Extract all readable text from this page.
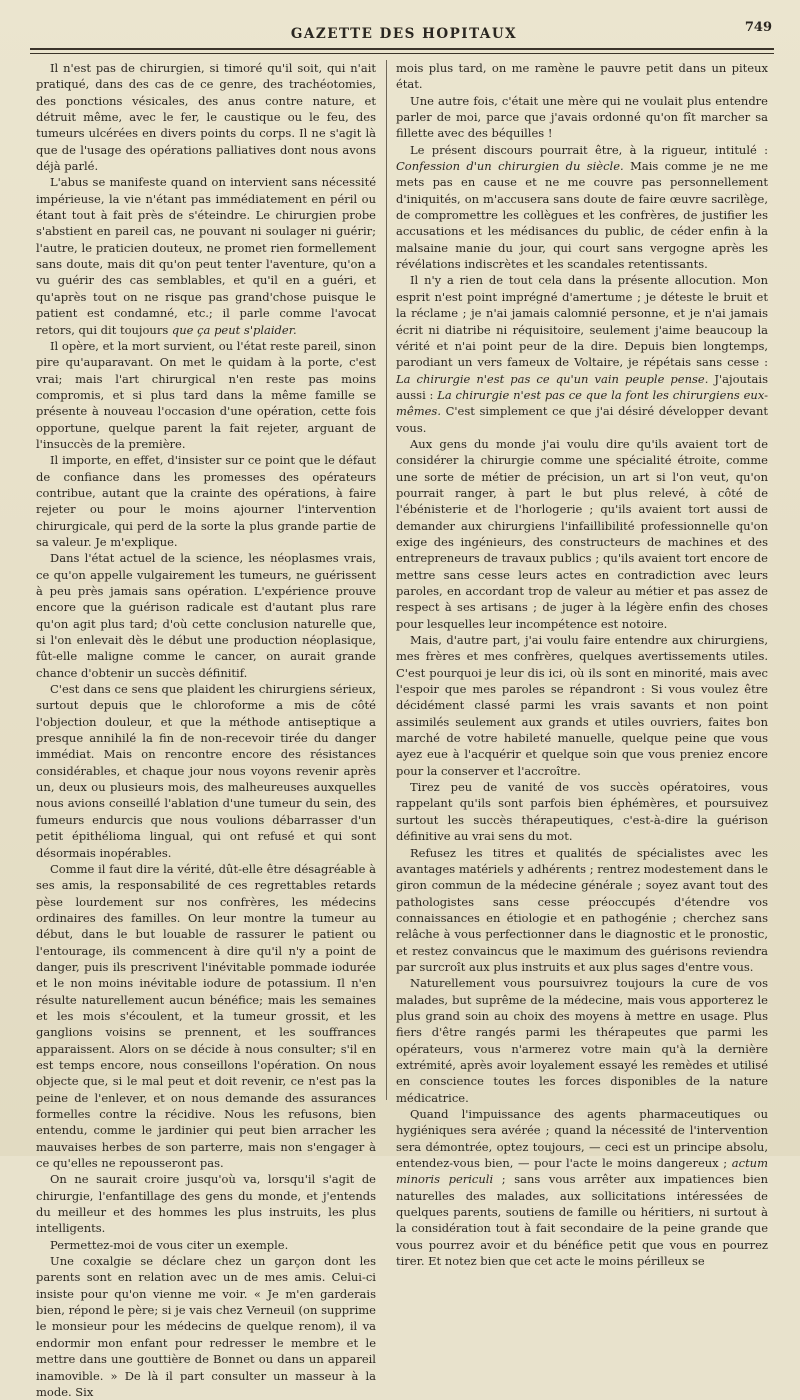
GAZETTE DES HOPITAUX	749

Il n'est pas de chirurgien, si timoré qu'il soit, qui n'ait pratiqué, dans des cas de ce genre, des trachéotomies, des ponctions vésicales, des anus contre nature, et détruit même, avec le fer, le caustique ou le feu, des tumeurs ulcérées en divers points du corps. Il ne s'agit là que de l'usage des opérations palliatives dont nous avons déjà parlé.

L'abus se manifeste quand on intervient sans nécessité impérieuse, la vie n'étant pas immédiatement en péril ou étant tout à fait près de s'éteindre. Le chirurgien probe s'abstient en pareil cas, ne pouvant ni soulager ni guérir; l'autre, le praticien douteux, ne promet rien formellement sans doute, mais dit qu'on peut tenter l'aventure, qu'on a vu guérir des cas semblables, et qu'il en a guéri, et qu'après tout on ne risque pas grand'chose puisque le patient est condamné, etc.; il parle comme l'avocat retors, qui dit toujours que ça peut s'plaider.

Il opère, et la mort survient, ou l'état reste pareil, sinon pire qu'auparavant. On met le quidam à la porte, c'est vrai; mais l'art chirurgical n'en reste pas moins compromis, et si plus tard dans la même famille se présente à nouveau l'occasion d'une opération, cette fois opportune, quelque parent la fait rejeter, arguant de l'insuccès de la première.

Il importe, en effet, d'insister sur ce point que le défaut de confiance dans les promesses des opérateurs contribue, autant que la crainte des opérations, à faire rejeter ou pour le moins ajourner l'intervention chirurgicale, qui perd de la sorte la plus grande partie de sa valeur. Je m'explique.

Dans l'état actuel de la science, les néoplasmes vrais, ce qu'on appelle vulgairement les tumeurs, ne guérissent à peu près jamais sans opération. L'expérience prouve encore que la guérison radicale est d'autant plus rare qu'on agit plus tard; d'où cette conclusion naturelle que, si l'on enlevait dès le début une production néoplasique, fût-elle maligne comme le cancer, on aurait grande chance d'obtenir un succès définitif.

C'est dans ce sens que plaident les chirurgiens sérieux, surtout depuis que le chloroforme a mis de côté l'objection douleur, et que la méthode antiseptique a presque annihilé la fin de non-recevoir tirée du danger immédiat. Mais on rencontre encore des résistances considérables, et chaque jour nous voyons revenir après un, deux ou plusieurs mois, des malheureuses auxquelles nous avions conseillé l'ablation d'une tumeur du sein, des fumeurs endurcis que nous voulions débarrasser d'un petit épithélioma lingual, qui ont refusé et qui sont désormais inopérables.

Comme il faut dire la vérité, dût-elle être désagréable à ses amis, la responsabilité de ces regrettables retards pèse lourdement sur nos confrères, les médecins ordinaires des familles. On leur montre la tumeur au début, dans le but louable de rassurer le patient ou l'entourage, ils commencent à dire qu'il n'y a point de danger, puis ils prescrivent l'inévitable pommade iodurée et le non moins inévitable iodure de potassium. Il n'en résulte naturellement aucun bénéfice; mais les semaines et les mois s'écoulent, et la tumeur grossit, et les ganglions voisins se prennent, et les souffrances apparaissent. Alors on se décide à nous consulter; s'il en est temps encore, nous conseillons l'opération. On nous objecte que, si le mal peut et doit revenir, ce n'est pas la peine de l'enlever, et on nous demande des assurances formelles contre la récidive. Nous les refusons, bien entendu, comme le jardinier qui peut bien arracher les mauvaises herbes de son parterre, mais non s'engager à ce qu'elles ne repousseront pas.

On ne saurait croire jusqu'où va, lorsqu'il s'agit de chirurgie, l'enfantillage des gens du monde, et j'entends du meilleur et des hommes les plus instruits, les plus intelligents.

Permettez-moi de vous citer un exemple.

Une coxalgie se déclare chez un garçon dont les parents sont en relation avec un de mes amis. Celui-ci insiste pour qu'on vienne me voir. « Je m'en garderais bien, répond le père; si je vais chez Verneuil (on supprime le monsieur pour les médecins de quelque renom), il va endormir mon enfant pour redresser le membre et le mettre dans une gouttière de Bonnet ou dans un appareil inamovible. » De là il part consulter un masseur à la mode. Six

mois plus tard, on me ramène le pauvre petit dans un piteux état.

Une autre fois, c'était une mère qui ne voulait plus entendre parler de moi, parce que j'avais ordonné qu'on fît marcher sa fillette avec des béquilles !

Le présent discours pourrait être, à la rigueur, intitulé : Confession d'un chirurgien du siècle. Mais comme je ne me mets pas en cause et ne me couvre pas personnellement d'iniquités, on m'accusera sans doute de faire œuvre sacrilège, de compromettre les collègues et les confrères, de justifier les accusations et les médisances du public, de céder enfin à la malsaine manie du jour, qui court sans vergogne après les révélations indiscrètes et les scandales retentissants.

Il n'y a rien de tout cela dans la présente allocution. Mon esprit n'est point imprégné d'amertume ; je déteste le bruit et la réclame ; je n'ai jamais calomnié personne, et je n'ai jamais écrit ni diatribe ni réquisitoire, seulement j'aime beaucoup la vérité et n'ai point peur de la dire. Depuis bien longtemps, parodiant un vers fameux de Voltaire, je répétais sans cesse : La chirurgie n'est pas ce qu'un vain peuple pense. J'ajoutais aussi : La chirurgie n'est pas ce que la font les chirurgiens eux-mêmes. C'est simplement ce que j'ai désiré développer devant vous.

Aux gens du monde j'ai voulu dire qu'ils avaient tort de considérer la chirurgie comme une spécialité étroite, comme une sorte de métier de précision, un art si l'on veut, qu'on pourrait ranger, à part le but plus relevé, à côté de l'ébénisterie et de l'horlogerie ; qu'ils avaient tort aussi de demander aux chirurgiens l'infaillibilité professionnelle qu'on exige des ingénieurs, des constructeurs de machines et des entrepreneurs de travaux publics ; qu'ils avaient tort encore de mettre sans cesse leurs actes en contradiction avec leurs paroles, en accordant trop de valeur au métier et pas assez de respect à ses artisans ; de juger à la légère enfin des choses pour lesquelles leur incompétence est notoire.

Mais, d'autre part, j'ai voulu faire entendre aux chirurgiens, mes frères et mes confrères, quelques avertissements utiles. C'est pourquoi je leur dis ici, où ils sont en minorité, mais avec l'espoir que mes paroles se répandront : Si vous voulez être décidément classé parmi les vrais savants et non point assimilés seulement aux grands et utiles ouvriers, faites bon marché de votre habileté manuelle, quelque peine que vous ayez eue à l'acquérir et quelque soin que vous preniez encore pour la conserver et l'accroître.

Tirez peu de vanité de vos succès opératoires, vous rappelant qu'ils sont parfois bien éphémères, et poursuivez surtout les succès thérapeutiques, c'est-à-dire la guérison définitive au vrai sens du mot.

Refusez les titres et qualités de spécialistes avec les avantages matériels y adhérents ; rentrez modestement dans le giron commun de la médecine générale ; soyez avant tout des pathologistes sans cesse préoccupés d'étendre vos connaissances en étiologie et en pathogénie ; cherchez sans relâche à vous perfectionner dans le diagnostic et le pronostic, et restez convaincus que le maximum des guérisons reviendra par surcroît aux plus instruits et aux plus sages d'entre vous.

Naturellement vous poursuivrez toujours la cure de vos malades, but suprême de la médecine, mais vous apporterez le plus grand soin au choix des moyens à mettre en usage. Plus fiers d'être rangés parmi les thérapeutes que parmi les opérateurs, vous n'armerez votre main qu'à la dernière extrémité, après avoir loyalement essayé les remèdes et utilisé en conscience toutes les forces disponibles de la nature médicatrice.

Quand l'impuissance des agents pharmaceutiques ou hygiéniques sera avérée ; quand la nécessité de l'intervention sera démontrée, optez toujours, — ceci est un principe absolu, entendez-vous bien, — pour l'acte le moins dangereux ; actum minoris periculi ; sans vous arrêter aux impatiences bien naturelles des malades, aux sollicitations intéressées de quelques parents, soutiens de famille ou héritiers, ni surtout à la considération tout à fait secondaire de la peine grande que vous pourrez avoir et du bénéfice petit que vous en pourrez tirer. Et notez bien que cet acte le moins périlleux se
